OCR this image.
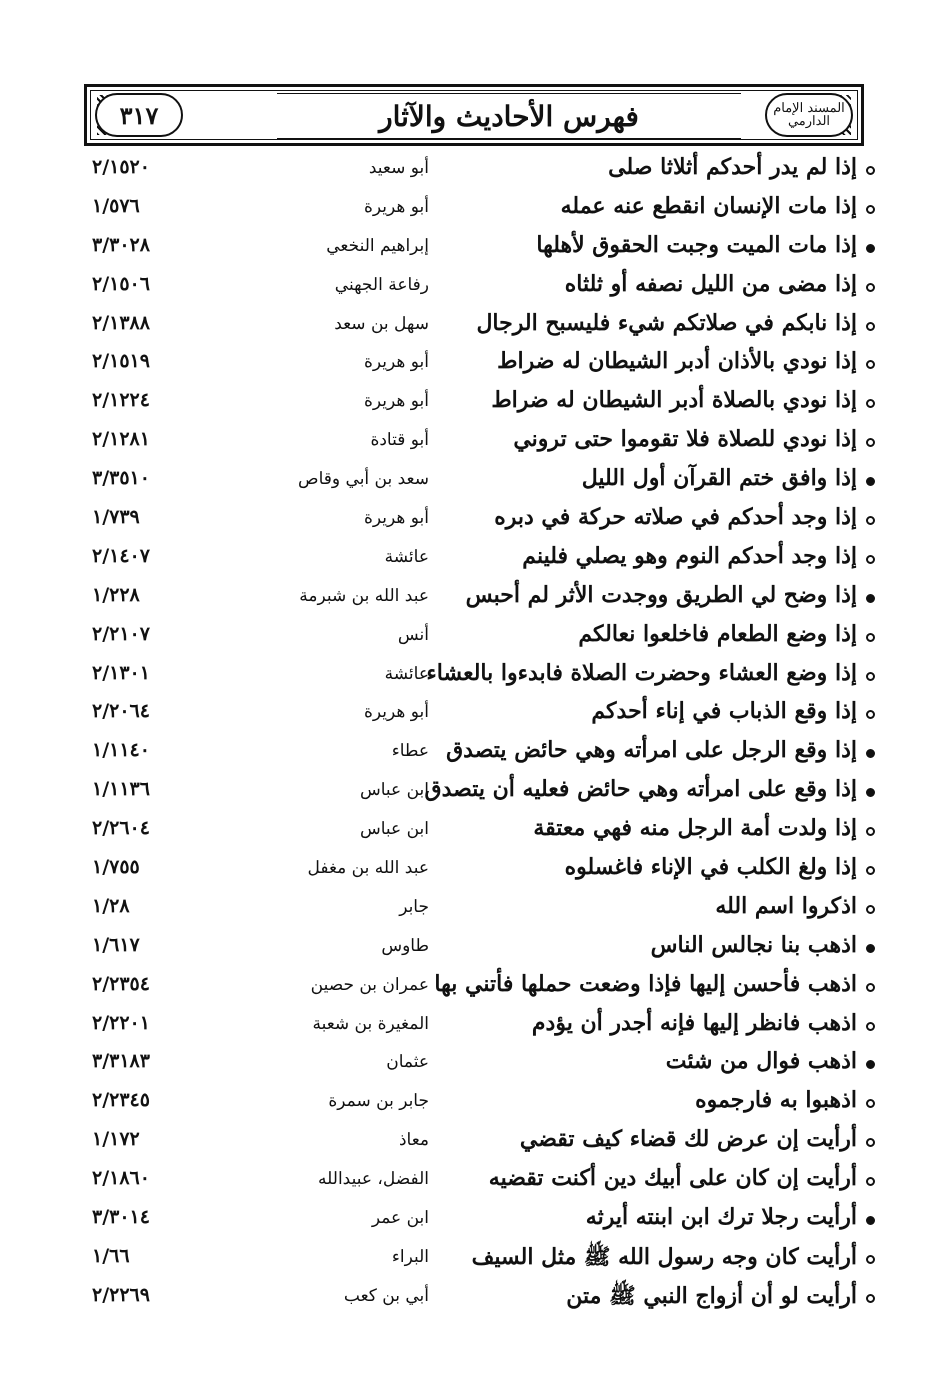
٣١٧	فهرس الأحاديث والآثار	المسند الإمام الدارمي
إذا لم يدر أحدكم أثلاثا صلى
أبو سعيد
٢/١٥٢٠
إذا مات الإنسان انقطع عنه عمله
أبو هريرة
١/٥٧٦
إذا مات الميت وجبت الحقوق لأهلها
إبراهيم النخعي
٣/٣٠٢٨
إذا مضى من الليل نصفه أو ثلثاه
رفاعة الجهني
٢/١٥٠٦
إذا نابكم في صلاتكم شيء فليسبح الرجال
سهل بن سعد
٢/١٣٨٨
إذا نودي بالأذان أدبر الشيطان له ضراط
أبو هريرة
٢/١٥١٩
إذا نودي بالصلاة أدبر الشيطان له ضراط
أبو هريرة
٢/١٢٢٤
إذا نودي للصلاة فلا تقوموا حتى تروني
أبو قتادة
٢/١٢٨١
إذا وافق ختم القرآن أول الليل
سعد بن أبي وقاص
٣/٣٥١٠
إذا وجد أحدكم في صلاته حركة في دبره
أبو هريرة
١/٧٣٩
إذا وجد أحدكم النوم وهو يصلي فلينم
عائشة
٢/١٤٠٧
إذا وضح لي الطريق ووجدت الأثر لم أحبس
عبد الله بن شبرمة
١/٢٢٨
إذا وضع الطعام فاخلعوا نعالكم
أنس
٢/٢١٠٧
إذا وضع العشاء وحضرت الصلاة فابدءوا بالعشاء
عائشة
٢/١٣٠١
إذا وقع الذباب في إناء أحدكم
أبو هريرة
٢/٢٠٦٤
إذا وقع الرجل على امرأته وهي حائض يتصدق
عطاء
١/١١٤٠
إذا وقع على امرأته وهي حائض فعليه أن يتصدق
ابن عباس
١/١١٣٦
إذا ولدت أمة الرجل منه فهي معتقة
ابن عباس
٢/٢٦٠٤
إذا ولغ الكلب في الإناء فاغسلوه
عبد الله بن مغفل
١/٧٥٥
اذكروا اسم الله
جابر
١/٢٨
اذهب بنا نجالس الناس
طاوس
١/٦١٧
اذهب فأحسن إليها فإذا وضعت حملها فأتني بها
عمران بن حصين
٢/٢٣٥٤
اذهب فانظر إليها فإنه أجدر أن يؤدم
المغيرة بن شعبة
٢/٢٢٠١
اذهب فوال من شئت
عثمان
٣/٣١٨٣
اذهبوا به فارجموه
جابر بن سمرة
٢/٢٣٤٥
أرأيت إن عرض لك قضاء كيف تقضي
معاذ
١/١٧٢
أرأيت إن كان على أبيك دين أكنت تقضيه
الفضل، عبيدالله
٢/١٨٦٠
أرأيت رجلا ترك ابن ابنته أيرثه
ابن عمر
٣/٣٠١٤
أرأيت كان وجه رسول الله ﷺ مثل السيف
البراء
١/٦٦
أرأيت لو أن أزواج النبي ﷺ متن
أبي بن كعب
٢/٢٢٦٩
